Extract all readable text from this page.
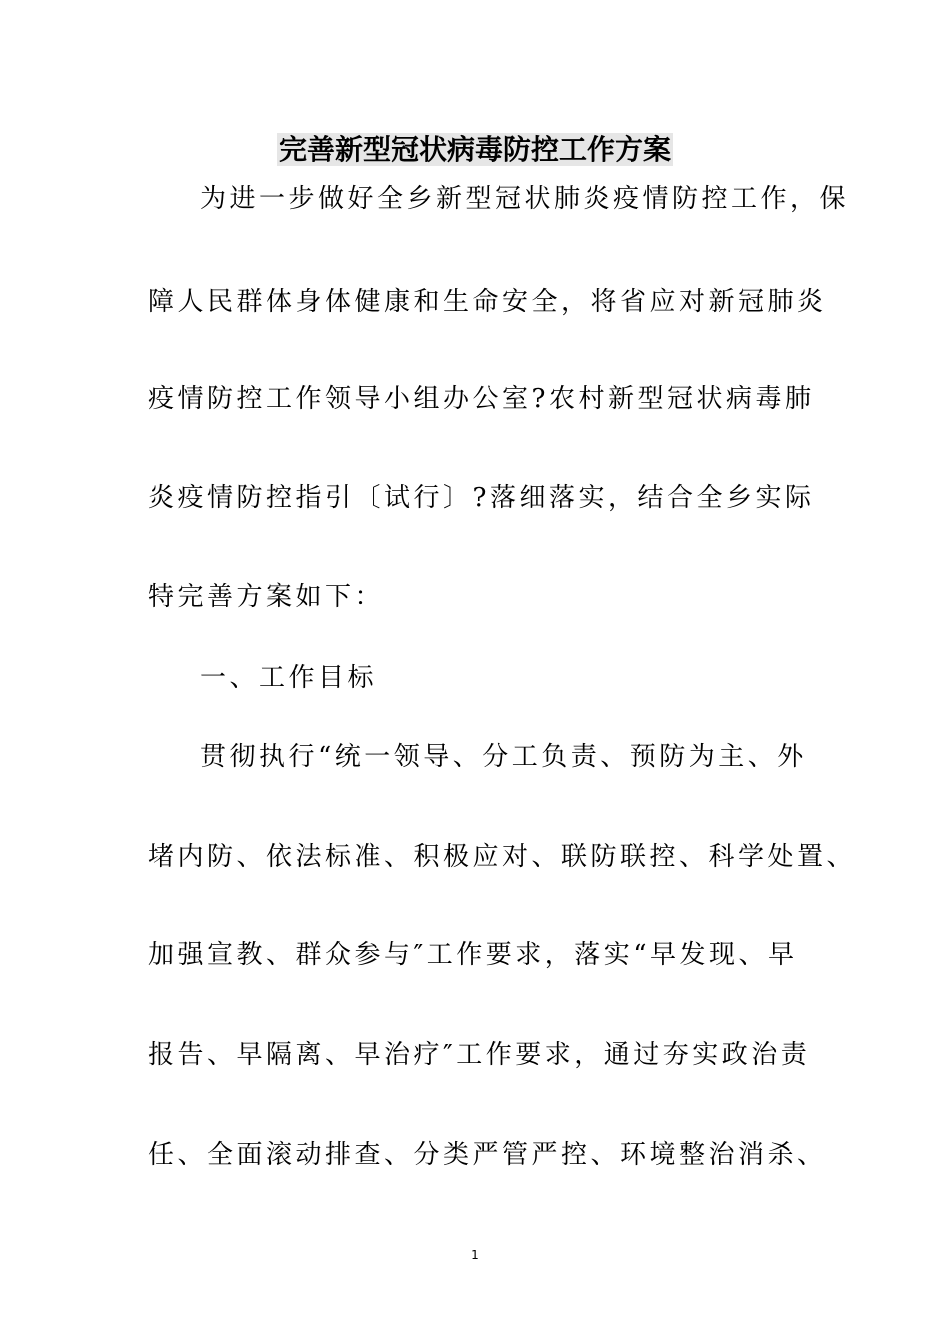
完善新型冠状病毒防控工作方案
为进一步做好全乡新型冠状肺炎疫情防控工作，保
障人民群体身体健康和生命安全，将省应对新冠肺炎
疫情防控工作领导小组办公室?农村新型冠状病毒肺
炎疫情防控指引〔试行〕?落细落实，结合全乡实际
特完善方案如下：
一、工作目标
贯彻执行“统一领导、分工负责、预防为主、外
堵内防、依法标准、积极应对、联防联控、科学处置、
加强宣教、群众参与″工作要求，落实“早发现、早
报告、早隔离、早治疗″工作要求，通过夯实政治责
任、全面滚动排查、分类严管严控、环境整治消杀、
1
